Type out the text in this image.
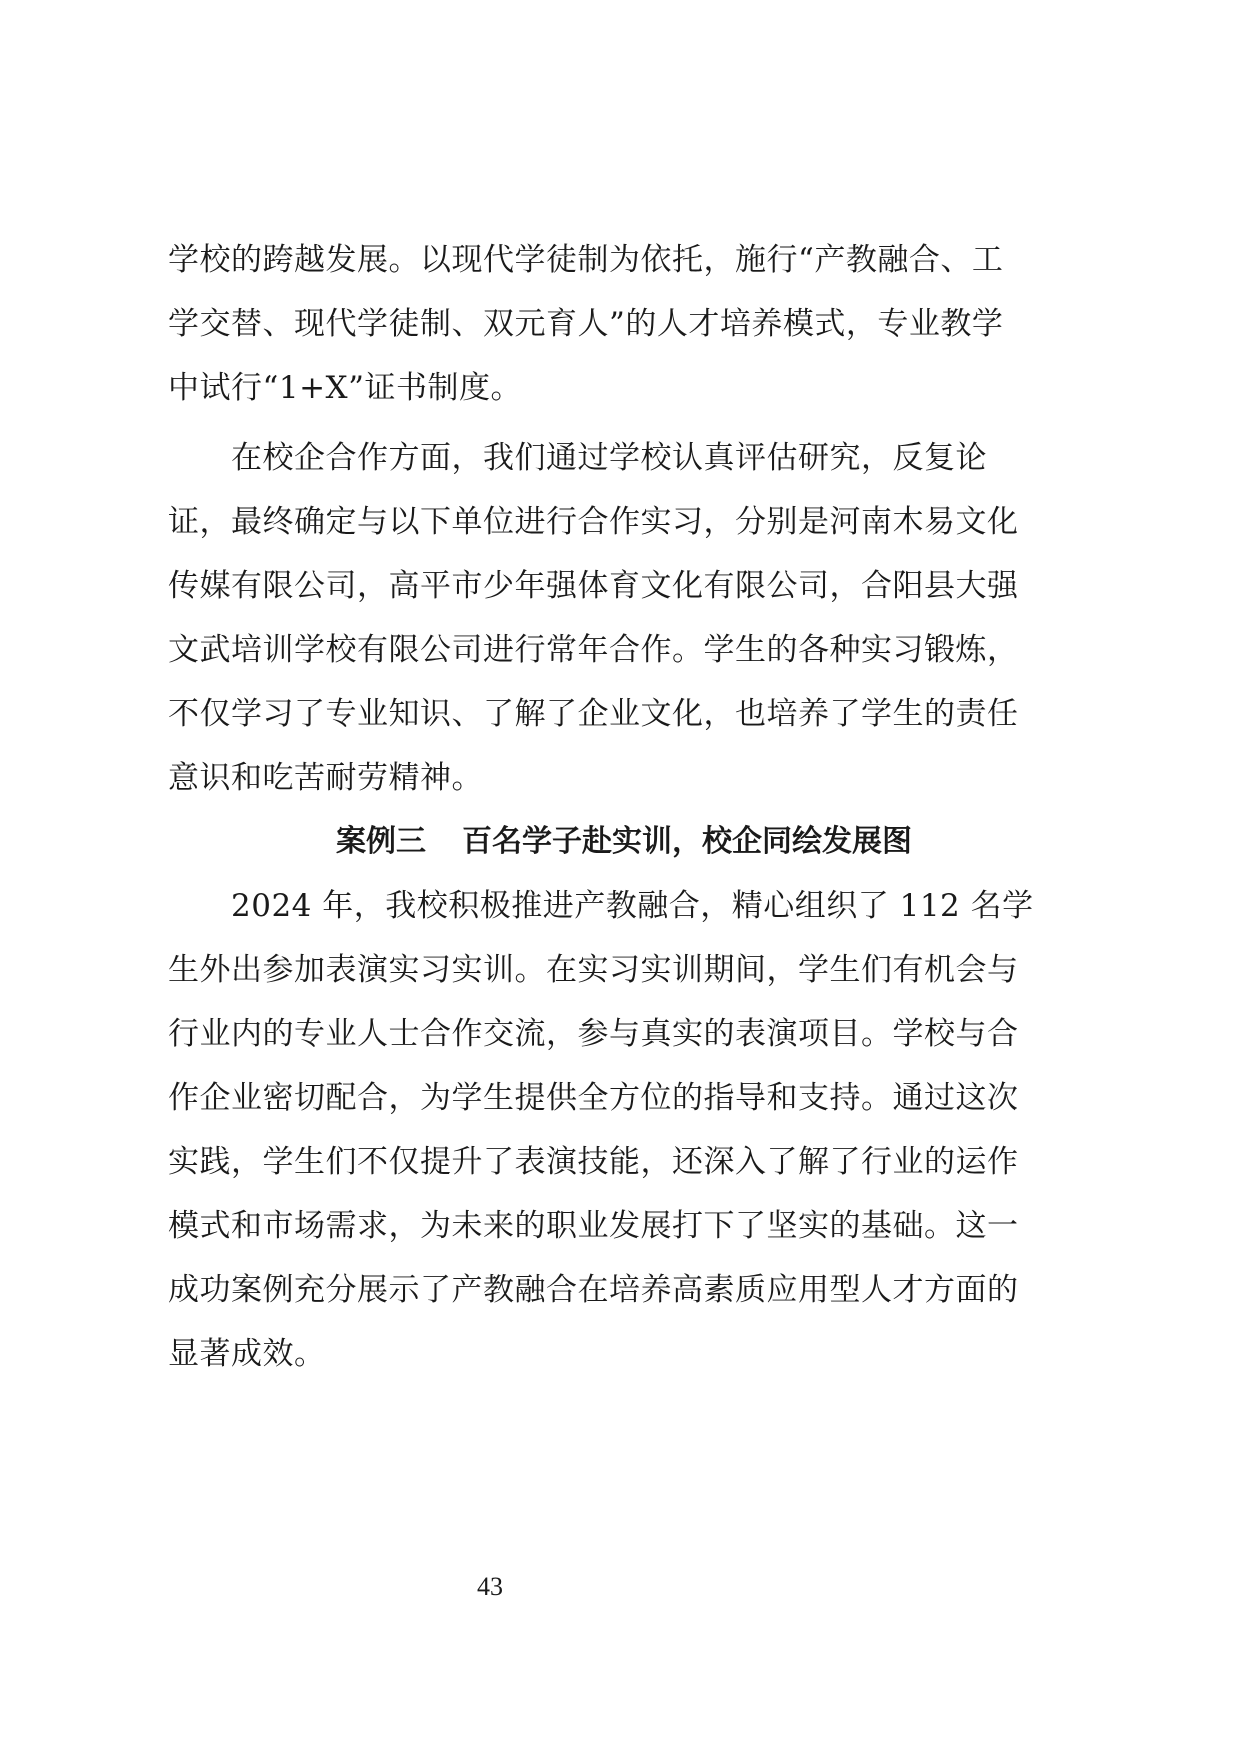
学校的跨越发展。以现代学徒制为依托，施行“产教融合、工
学交替、现代学徒制、双元育人”的人才培养模式，专业教学
中试行“1+X”证书制度。
　　在校企合作方面，我们通过学校认真评估研究，反复论
证，最终确定与以下单位进行合作实习，分别是河南木易文化
传媒有限公司，高平市少年强体育文化有限公司，合阳县大强
文武培训学校有限公司进行常年合作。学生的各种实习锻炼，
不仅学习了专业知识、了解了企业文化，也培养了学生的责任
意识和吃苦耐劳精神。
案例三 百名学子赴实训，校企同绘发展图
　　2024 年，我校积极推进产教融合，精心组织了 112 名学
生外出参加表演实习实训。在实习实训期间，学生们有机会与
行业内的专业人士合作交流，参与真实的表演项目。学校与合
作企业密切配合，为学生提供全方位的指导和支持。通过这次
实践，学生们不仅提升了表演技能，还深入了解了行业的运作
模式和市场需求，为未来的职业发展打下了坚实的基础。这一
成功案例充分展示了产教融合在培养高素质应用型人才方面的
显著成效。
43
